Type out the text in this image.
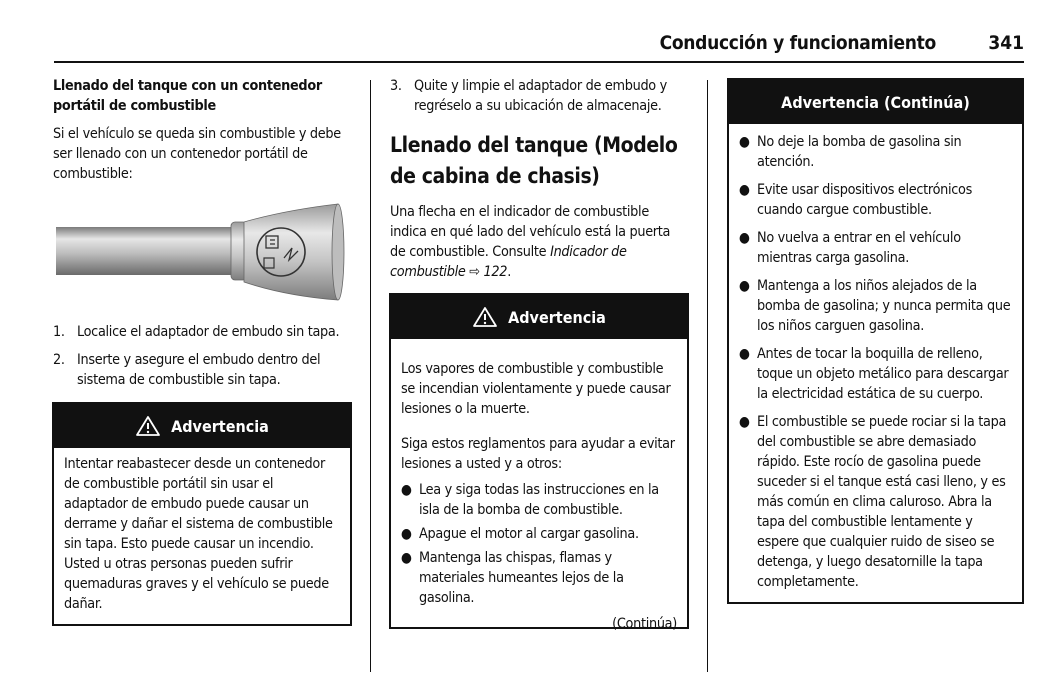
Conducción y funcionamiento	341

Llenado del tanque con un contenedor portátil de combustible

Si el vehículo se queda sin combustible y debe ser llenado con un contenedor portátil de combustible:

1. Localice el adaptador de embudo sin tapa.
2. Inserte y asegure el embudo dentro del sistema de combustible sin tapa.
Advertencia
Intentar reabastecer desde un contenedor de combustible portátil sin usar el adaptador de embudo puede causar un derrame y dañar el sistema de combustible sin tapa. Esto puede causar un incendio. Usted u otras personas pueden sufrir quemaduras graves y el vehículo se puede dañar.
3. Quite y limpie el adaptador de embudo y regréselo a su ubicación de almacenaje.

Llenado del tanque (Modelo de cabina de chasis)

Una flecha en el indicador de combustible indica en qué lado del vehículo está la puerta de combustible. Consulte Indicador de combustible ⇨ 122.

Advertencia

Los vapores de combustible y combustible se incendian violentamente y puede causar lesiones o la muerte.

Siga estos reglamentos para ayudar a evitar lesiones a usted y a otros:

● Lea y siga todas las instrucciones en la isla de la bomba de combustible.
● Apague el motor al cargar gasolina.
● Mantenga las chispas, flamas y materiales humeantes lejos de la gasolina.
(Continúa)
Advertencia (Continúa)
● No deje la bomba de gasolina sin atención.
● Evite usar dispositivos electrónicos cuando cargue combustible.
● No vuelva a entrar en el vehículo mientras carga gasolina.
● Mantenga a los niños alejados de la bomba de gasolina; y nunca permita que los niños carguen gasolina.
● Antes de tocar la boquilla de relleno, toque un objeto metálico para descargar la electricidad estática de su cuerpo.
● El combustible se puede rociar si la tapa del combustible se abre demasiado rápido. Este rocío de gasolina puede suceder si el tanque está casi lleno, y es más común en clima caluroso. Abra la tapa del combustible lentamente y espere que cualquier ruido de siseo se detenga, y luego desatornille la tapa completamente.
